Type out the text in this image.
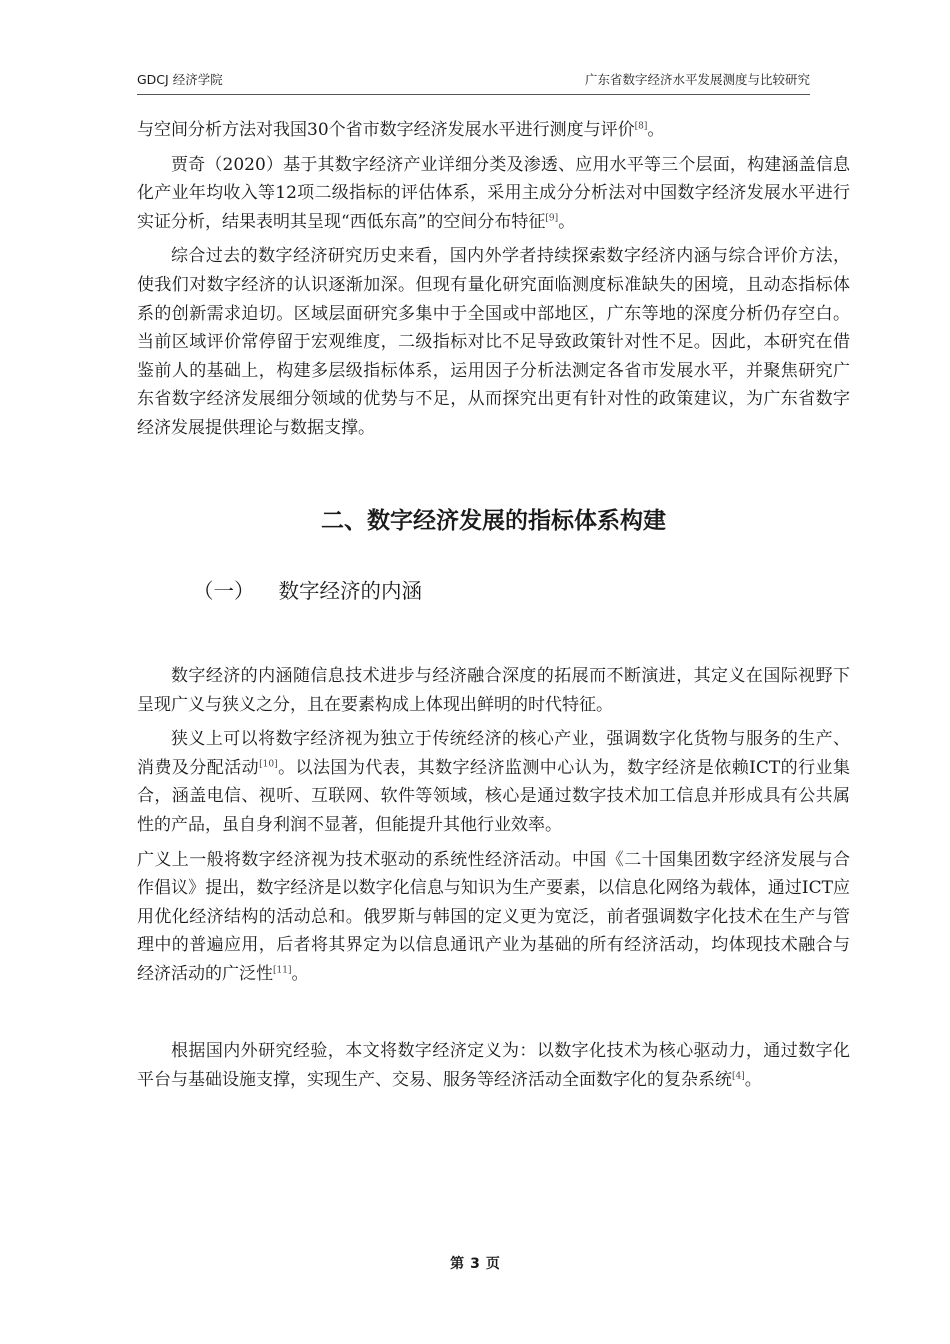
GDCJ 经济学院	广东省数字经济水平发展测度与比较研究

与空间分析方法对我国30个省市数字经济发展水平进行测度与评价[8]。

贾奇（2020）基于其数字经济产业详细分类及渗透、应用水平等三个层面，构建涵盖信息化产业年均收入等12项二级指标的评估体系，采用主成分分析法对中国数字经济发展水平进行实证分析，结果表明其呈现“西低东高”的空间分布特征[9]。

综合过去的数字经济研究历史来看，国内外学者持续探索数字经济内涵与综合评价方法，使我们对数字经济的认识逐渐加深。但现有量化研究面临测度标准缺失的困境，且动态指标体系的创新需求迫切。区域层面研究多集中于全国或中部地区，广东等地的深度分析仍存空白。当前区域评价常停留于宏观维度，二级指标对比不足导致政策针对性不足。因此，本研究在借鉴前人的基础上，构建多层级指标体系，运用因子分析法测定各省市发展水平，并聚焦研究广东省数字经济发展细分领域的优势与不足，从而探究出更有针对性的政策建议，为广东省数字经济发展提供理论与数据支撑。

二、数字经济发展的指标体系构建
（一） 数字经济的内涵

数字经济的内涵随信息技术进步与经济融合深度的拓展而不断演进，其定义在国际视野下呈现广义与狭义之分，且在要素构成上体现出鲜明的时代特征。

狭义上可以将数字经济视为独立于传统经济的核心产业，强调数字化货物与服务的生产、消费及分配活动[10]。以法国为代表，其数字经济监测中心认为，数字经济是依赖ICT的行业集合，涵盖电信、视听、互联网、软件等领域，核心是通过数字技术加工信息并形成具有公共属性的产品，虽自身利润不显著，但能提升其他行业效率。

广义上一般将数字经济视为技术驱动的系统性经济活动。中国《二十国集团数字经济发展与合作倡议》提出，数字经济是以数字化信息与知识为生产要素，以信息化网络为载体，通过ICT应用优化经济结构的活动总和。俄罗斯与韩国的定义更为宽泛，前者强调数字化技术在生产与管理中的普遍应用，后者将其界定为以信息通讯产业为基础的所有经济活动，均体现技术融合与经济活动的广泛性[11]。

根据国内外研究经验，本文将数字经济定义为：以数字化技术为核心驱动力，通过数字化平台与基础设施支撑，实现生产、交易、服务等经济活动全面数字化的复杂系统[4]。

第 3 页
